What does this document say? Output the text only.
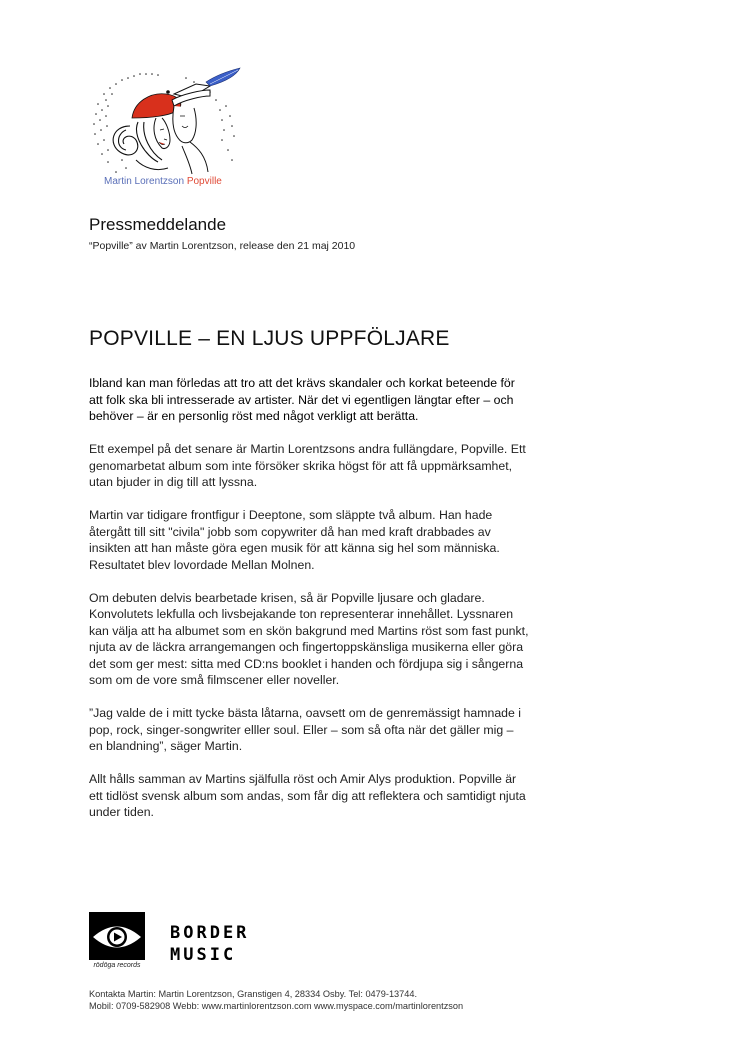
Martin Lorentzson Popville
Pressmeddelande
“Popville” av Martin Lorentzson, release den 21 maj 2010
POPVILLE – EN LJUS UPPFÖLJARE

Ibland kan man förledas att tro att det krävs skandaler och korkat beteende för att folk ska bli intresserade av artister. När det vi egentligen längtar efter – och behöver – är en personlig röst med något verkligt att berätta.

Ett exempel på det senare är Martin Lorentzsons andra fullängdare, Popville. Ett genomarbetat album som inte försöker skrika högst för att få uppmärksamhet, utan bjuder in dig till att lyssna.

Martin var tidigare frontfigur i Deeptone, som släppte två album. Han hade återgått till sitt "civila" jobb som copywriter då han med kraft drabbades av insikten att han måste göra egen musik för att känna sig hel som människa. Resultatet blev lovordade Mellan Molnen.

Om debuten delvis bearbetade krisen, så är Popville ljusare och gladare. Konvolutets lekfulla och livsbejakande ton representerar innehållet. Lyssnaren kan välja att ha albumet som en skön bakgrund med Martins röst som fast punkt, njuta av de läckra arrangemangen och fingertoppskänsliga musikerna eller göra det som ger mest: sitta med CD:ns booklet i handen och fördjupa sig i sångerna som om de vore små filmscener eller noveller.

”Jag valde de i mitt tycke bästa låtarna, oavsett om de genremässigt hamnade i pop, rock, singer-songwriter elller soul. Eller – som så ofta när det gäller mig – en blandning”, säger Martin.

Allt hålls samman av Martins själfulla röst och Amir Alys produktion. Popville är ett tidlöst svensk album som andas, som får dig att reflektera och samtidigt njuta under tiden.

rödöga records
BORDER
MUSIC
Kontakta Martin: Martin Lorentzson, Granstigen 4, 28334 Osby. Tel: 0479-13744.
Mobil: 0709-582908 Webb: www.martinlorentzson.com www.myspace.com/martinlorentzson
